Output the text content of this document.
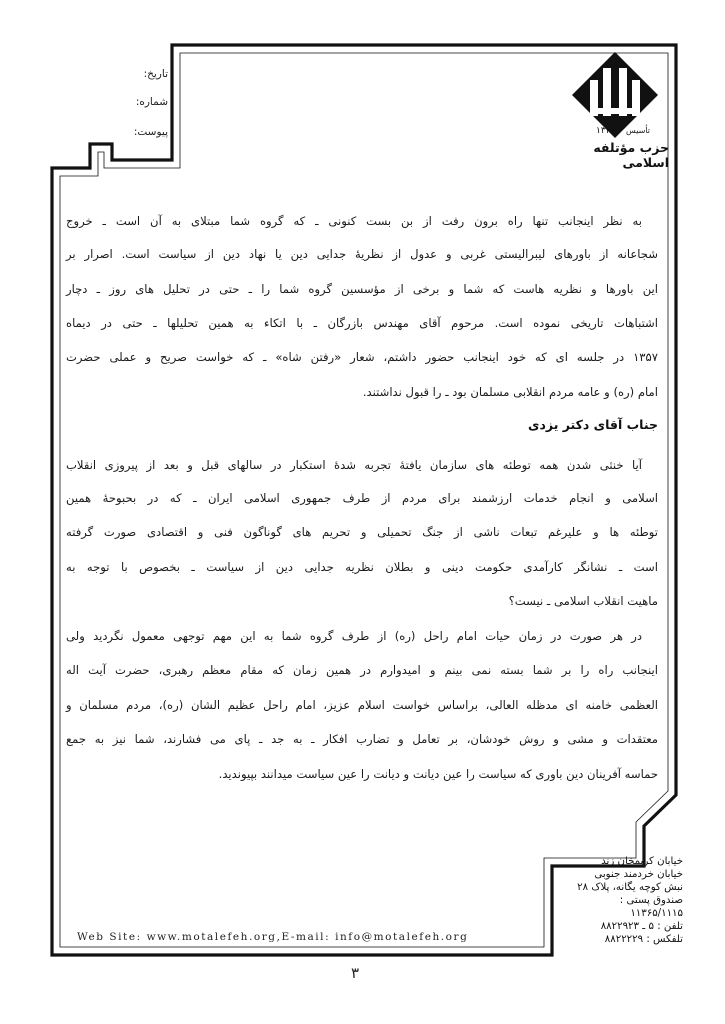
تاریخ:
شماره:
پیوست:	تأسیس
۱۳۴۲
حزب مؤتلفه اسلامی
به نظر اینجانب تنها راه برون رفت از بن بست کنونی ـ که گروه شما مبتلای به آن است ـ خروج
شجاعانه از باورهای لیبرالیستی غربی و عدول از نظریۀ جدایی دین یا نهاد دین از سیاست است. اصرار بر
این باورها و نظریه هاست که شما و برخی از مؤسسین گروه شما را ـ حتی در تحلیل های روز ـ دچار
اشتباهات تاریخی نموده است. مرحوم آقای مهندس بازرگان ـ با اتکاء به همین تحلیلها ـ حتی در دیماه
۱۳۵۷ در جلسه ای که خود اینجانب حضور داشتم، شعار «رفتن شاه» ـ که خواست صریح و عملی حضرت
امام (ره) و عامه مردم انقلابی مسلمان بود ـ را قبول نداشتند.
جناب آقای دکتر یزدی
آیا خنثی شدن همه توطئه های سازمان یافتۀ تجربه شدۀ استکبار در سالهای قبل و بعد از پیروزی انقلاب
اسلامی و انجام خدمات ارزشمند برای مردم از طرف جمهوری اسلامی ایران ـ که در بحبوحۀ همین
توطئه ها و علیرغم تبعات ناشی از جنگ تحمیلی و تحریم های گوناگون فنی و اقتصادی صورت گرفته
است ـ نشانگر کارآمدی حکومت دینی و بطلان نظریه جدایی دین از سیاست ـ بخصوص با توجه به
ماهیت انقلاب اسلامی ـ نیست؟
در هر صورت در زمان حیات امام راحل (ره) از طرف گروه شما به این مهم توجهی معمول نگردید ولی
اینجانب راه را بر شما بسته نمی بینم و امیدوارم در همین زمان که مقام معظم رهبری، حضرت آیت اله
العظمی خامنه ای مدظله العالی، براساس خواست اسلام عزیز، امام راحل عظیم الشان (ره)، مردم مسلمان و
معتقدات و مشی و روش خودشان، بر تعامل و تضارب افکار ـ به جد ـ پای می فشارند، شما نیز به جمع
حماسه آفرینان دین باوری که سیاست را عین دیانت و دیانت را عین سیاست میدانند بپیوندید.
Web Site: www.motalefeh.org,E-mail: info@motalefeh.org
خیابان کریمخان زند
خیابان خردمند جنوبی
نبش کوچه یگانه، پلاک ۲۸
صندوق پستی :
۱۱۳۶۵/۱۱۱۵
تلفن : ۵ ـ ۸۸۲۲۹۲۳
تلفکس : ۸۸۲۲۲۲۹
۳
